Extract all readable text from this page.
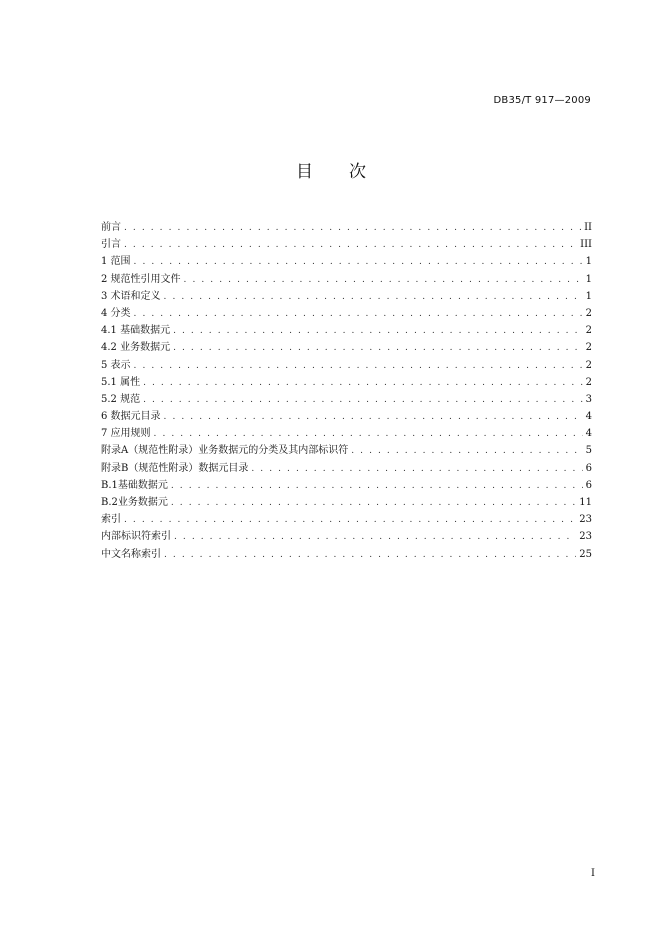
DB35/T 917—2009
目 次
前言 . . .	II
引言 . . .	III
1 范围 . . .	1
2 规范性引用文件 . . .	1
3 术语和定义 . . .	1
4 分类 . . .	2
4.1 基础数据元 . . .	2
4.2 业务数据元 . . .	2
5 表示 . . .	2
5.1 属性 . . .	2
5.2 规范 . . .	3
6 数据元目录 . . .	4
7 应用规则 . . .	4
附录A（规范性附录）业务数据元的分类及其内部标识符 . . .	5
附录B（规范性附录）数据元目录 . . .	6
B.1基础数据元 . . .	6
B.2业务数据元 . . .	11
索引 . . .	23
内部标识符索引 . . .	23
中文名称索引 . . .	25
I
